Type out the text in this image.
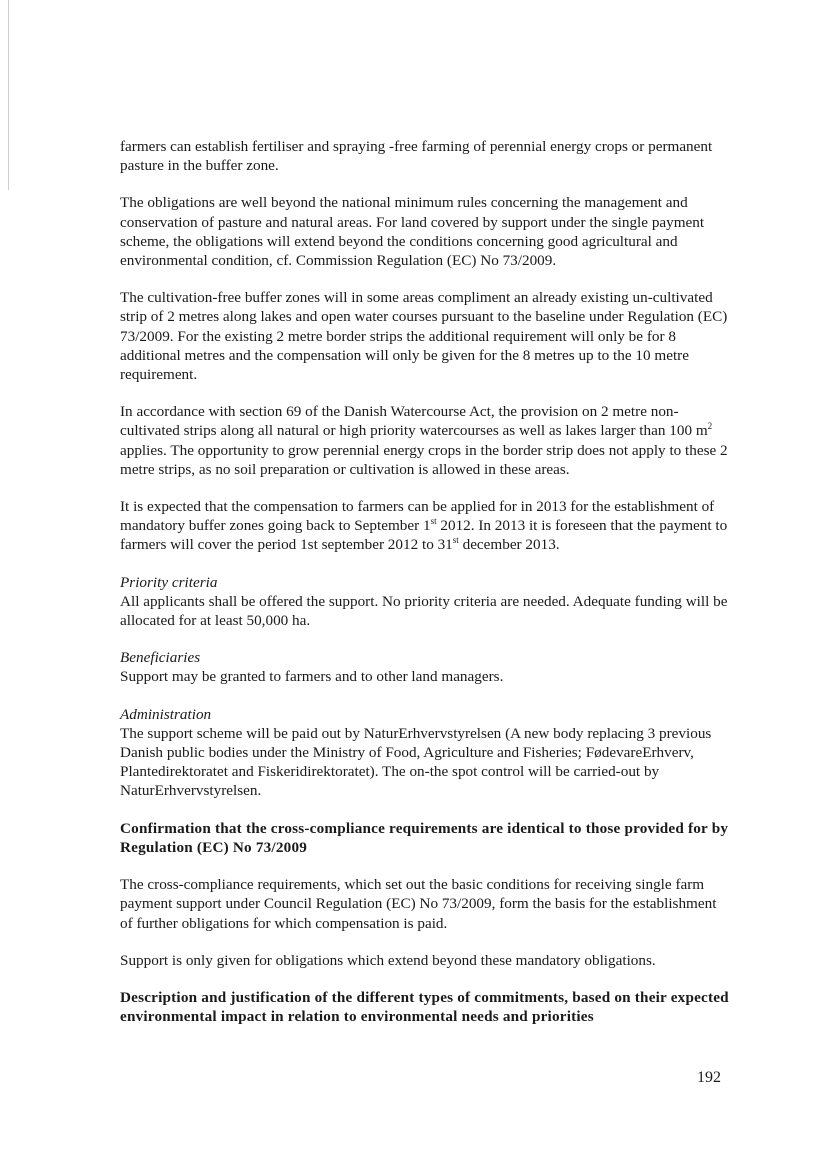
farmers can establish fertiliser and spraying -free farming of perennial energy crops or permanent pasture in the buffer zone.

The obligations are well beyond the national minimum rules concerning the management and conservation of pasture and natural areas. For land covered by support under the single payment scheme, the obligations will extend beyond the conditions concerning good agricultural and environmental condition, cf. Commission Regulation (EC) No 73/2009.

The cultivation-free buffer zones will in some areas compliment an already existing un-cultivated strip of 2 metres along lakes and open water courses pursuant to the baseline under Regulation (EC) 73/2009. For the existing 2 metre border strips the additional requirement will only be for 8 additional metres and the compensation will only be given for the 8 metres up to the 10 metre requirement.

In accordance with section 69 of the Danish Watercourse Act, the provision on 2 metre non-cultivated strips along all natural or high priority watercourses as well as lakes larger than 100 $m^2$ applies. The opportunity to grow perennial energy crops in the border strip does not apply to these 2 metre strips, as no soil preparation or cultivation is allowed in these areas.

It is expected that the compensation to farmers can be applied for in 2013 for the establishment of mandatory buffer zones going back to September 1st 2012. In 2013 it is foreseen that the payment to farmers will cover the period 1st september 2012 to 31st december 2013.

Priority criteria

All applicants shall be offered the support. No priority criteria are needed. Adequate funding will be allocated for at least 50,000 ha.

Beneficiaries

Support may be granted to farmers and to other land managers.

Administration

The support scheme will be paid out by NaturErhvervstyrelsen (A new body replacing 3 previous Danish public bodies under the Ministry of Food, Agriculture and Fisheries; FødevareErhverv, Plantedirektoratet and Fiskeridirektoratet). The on-the spot control will be carried-out by NaturErhvervstyrelsen.

Confirmation that the cross-compliance requirements are identical to those provided for by Regulation (EC) No 73/2009

The cross-compliance requirements, which set out the basic conditions for receiving single farm payment support under Council Regulation (EC) No 73/2009, form the basis for the establishment of further obligations for which compensation is paid.

Support is only given for obligations which extend beyond these mandatory obligations.

Description and justification of the different types of commitments, based on their expected environmental impact in relation to environmental needs and priorities

192
